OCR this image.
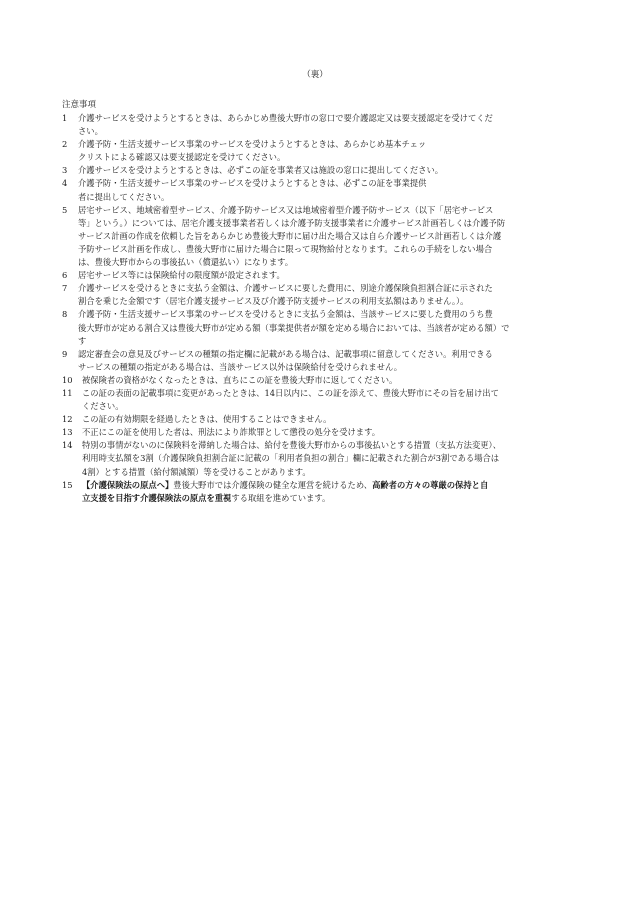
（裏）
注意事項
1	介護サービスを受けようとするときは、あらかじめ豊後大野市の窓口で要介護認定又は要支援認定を受けてくだ
さい。
2	介護予防・生活支援サービス事業のサービスを受けようとするときは、あらかじめ基本チェッ
クリストによる確認又は要支援認定を受けてください。
3	介護サービスを受けようとするときは、必ずこの証を事業者又は施設の窓口に提出してください。
4	介護予防・生活支援サービス事業のサービスを受けようとするときは、必ずこの証を事業提供
者に提出してください。
5	居宅サービス、地域密着型サービス、介護予防サービス又は地域密着型介護予防サービス（以下「居宅サービス
等」という。）については、居宅介護支援事業者若しくは介護予防支援事業者に介護サービス計画若しくは介護予防
サービス計画の作成を依頼した旨をあらかじめ豊後大野市に届け出た場合又は自ら介護サービス計画若しくは介護
予防サービス計画を作成し、豊後大野市に届けた場合に限って現物給付となります。これらの手続をしない場合
は、豊後大野市からの事後払い（償還払い）になります。
6	居宅サービス等には保険給付の限度額が設定されます。
7	介護サービスを受けるときに支払う金額は、介護サービスに要した費用に、別途介護保険負担割合証に示された
割合を乗じた金額です（居宅介護支援サービス及び介護予防支援サービスの利用支払額はありません。）。
8	介護予防・生活支援サービス事業のサービスを受けるときに支払う金額は、当該サービスに要した費用のうち豊
後大野市が定める割合又は豊後大野市が定める額（事業提供者が額を定める場合においては、当該者が定める額）で
す
9	認定審査会の意見及びサービスの種類の指定欄に記載がある場合は、記載事項に留意してください。利用できる
サービスの種類の指定がある場合は、当該サービス以外は保険給付を受けられません。
10	被保険者の資格がなくなったときは、直ちにこの証を豊後大野市に返してください。
11	この証の表面の記載事項に変更があったときは、14日以内に、この証を添えて、豊後大野市にその旨を届け出て
ください。
12	この証の有効期限を経過したときは、使用することはできません。
13	不正にこの証を使用した者は、刑法により詐欺罪として懲役の処分を受けます。
14	特別の事情がないのに保険料を滞納した場合は、給付を豊後大野市からの事後払いとする措置（支払方法変更）、
利用時支払額を3割（介護保険負担割合証に記載の「利用者負担の割合」欄に記載された割合が3割である場合は
4割）とする措置（給付額減額）等を受けることがあります。
15	【介護保険法の原点へ】豊後大野市では介護保険の健全な運営を続けるため、高齢者の方々の尊厳の保持と自
立支援を目指す介護保険法の原点を重視する取組を進めています。
